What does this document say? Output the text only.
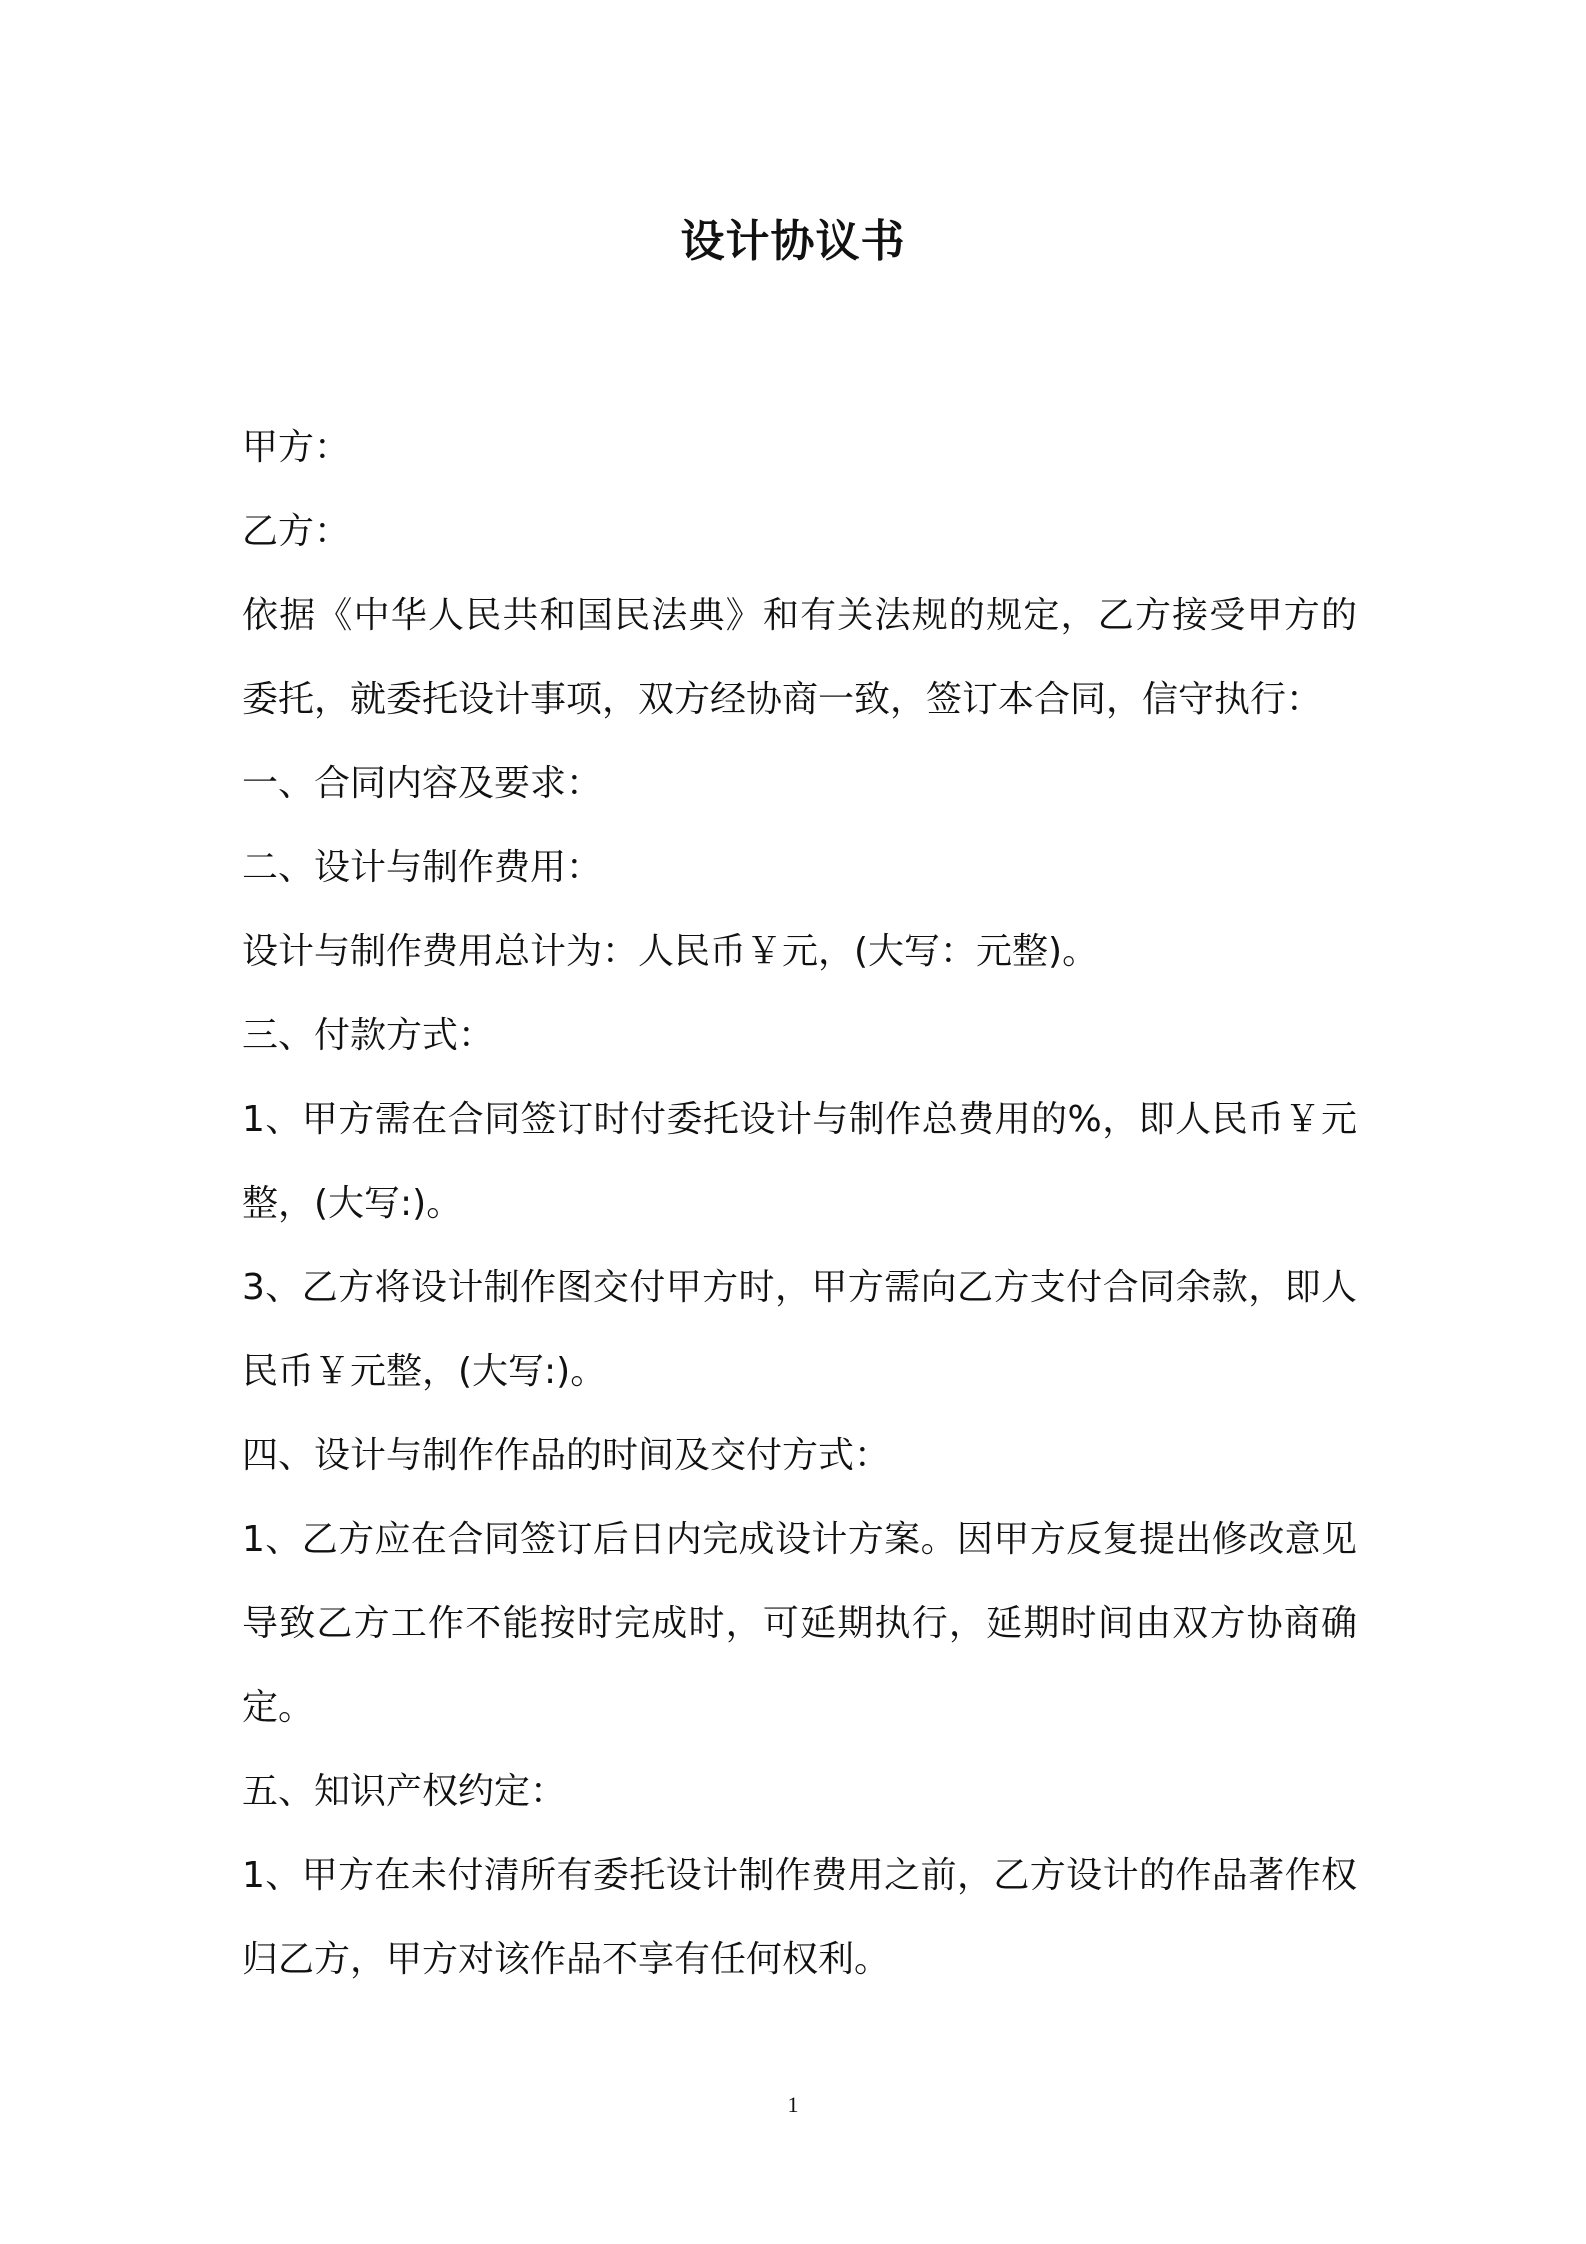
设计协议书

甲方：

乙方：

依据《中华人民共和国民法典》和有关法规的规定，乙方接受甲方的委托，就委托设计事项，双方经协商一致，签订本合同，信守执行：

一、合同内容及要求：

二、设计与制作费用：

设计与制作费用总计为：人民币￥元，(大写：元整)。

三、付款方式：

1、甲方需在合同签订时付委托设计与制作总费用的%，即人民币￥元整，(大写:)。

3、乙方将设计制作图交付甲方时，甲方需向乙方支付合同余款，即人民币￥元整，(大写:)。

四、设计与制作作品的时间及交付方式：

1、乙方应在合同签订后日内完成设计方案。因甲方反复提出修改意见导致乙方工作不能按时完成时，可延期执行，延期时间由双方协商确定。

五、知识产权约定：

1、甲方在未付清所有委托设计制作费用之前，乙方设计的作品著作权归乙方，甲方对该作品不享有任何权利。

1
